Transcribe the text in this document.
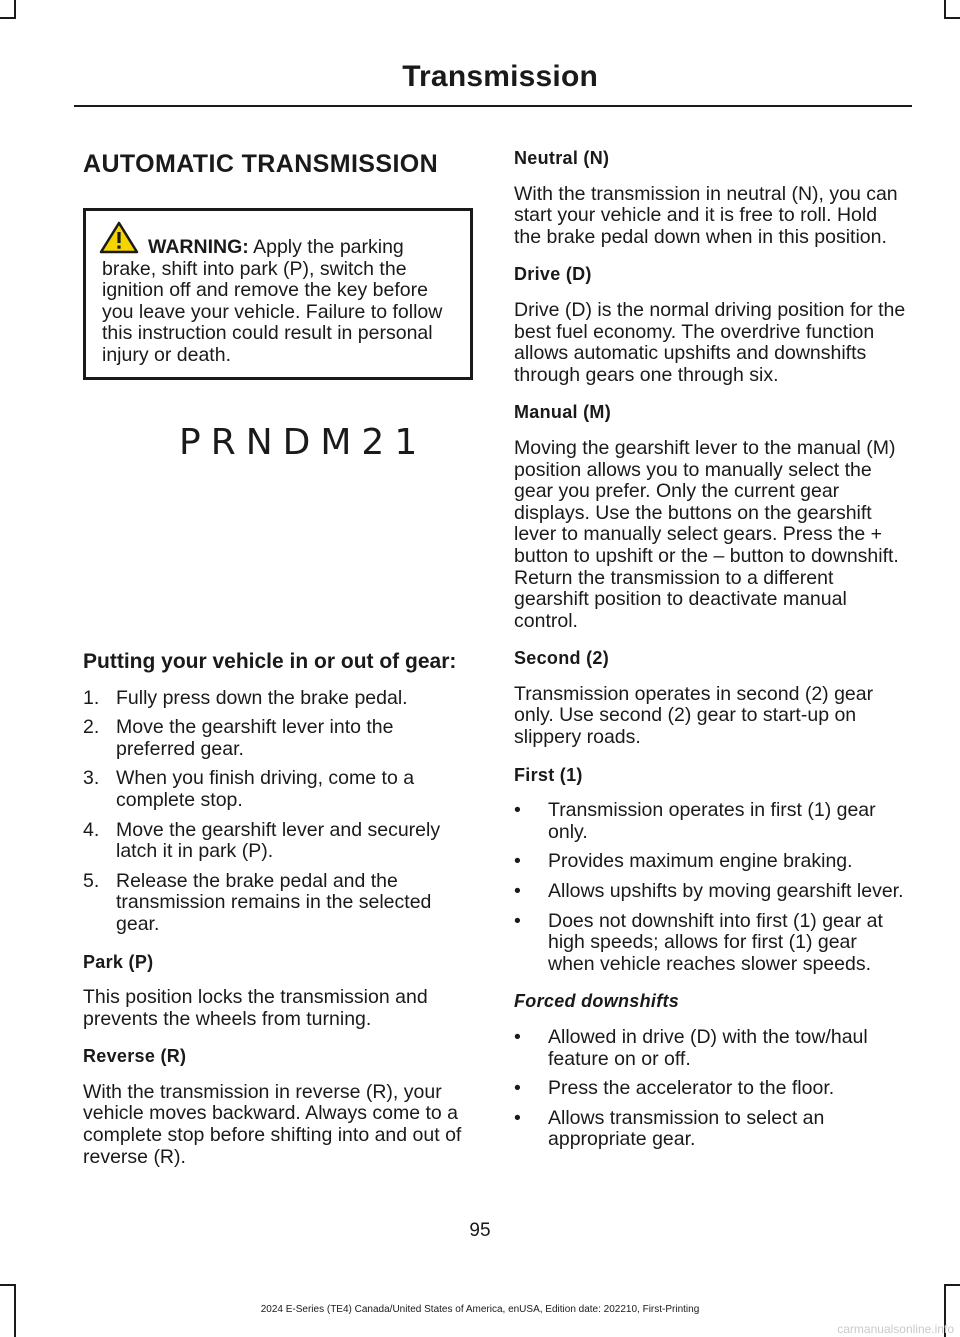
Transmission
AUTOMATIC TRANSMISSION

WARNING: Apply the parking brake, shift into park (P), switch the ignition off and remove the key before you leave your vehicle. Failure to follow this instruction could result in personal injury or death.

PRNDM21
Putting your vehicle in or out of gear:
1. Fully press down the brake pedal.
2. Move the gearshift lever into the preferred gear.
3. When you finish driving, come to a complete stop.
4. Move the gearshift lever and securely latch it in park (P).
5. Release the brake pedal and the transmission remains in the selected gear.
Park (P)

This position locks the transmission and prevents the wheels from turning.

Reverse (R)

With the transmission in reverse (R), your vehicle moves backward. Always come to a complete stop before shifting into and out of reverse (R).

Neutral (N)

With the transmission in neutral (N), you can start your vehicle and it is free to roll. Hold the brake pedal down when in this position.

Drive (D)

Drive (D) is the normal driving position for the best fuel economy. The overdrive function allows automatic upshifts and downshifts through gears one through six.

Manual (M)

Moving the gearshift lever to the manual (M) position allows you to manually select the gear you prefer. Only the current gear displays. Use the buttons on the gearshift lever to manually select gears. Press the + button to upshift or the – button to downshift. Return the transmission to a different gearshift position to deactivate manual control.

Second (2)

Transmission operates in second (2) gear only. Use second (2) gear to start-up on slippery roads.

First (1)
•	Transmission operates in first (1) gear only.
•	Provides maximum engine braking.
•	Allows upshifts by moving gearshift lever.
•	Does not downshift into first (1) gear at high speeds; allows for first (1) gear when vehicle reaches slower speeds.
Forced downshifts
•	Allowed in drive (D) with the tow/haul feature on or off.
•	Press the accelerator to the floor.
•	Allows transmission to select an appropriate gear.
95
2024 E-Series (TE4) Canada/United States of America, enUSA, Edition date: 202210, First-Printing
carmanualsonline.info
